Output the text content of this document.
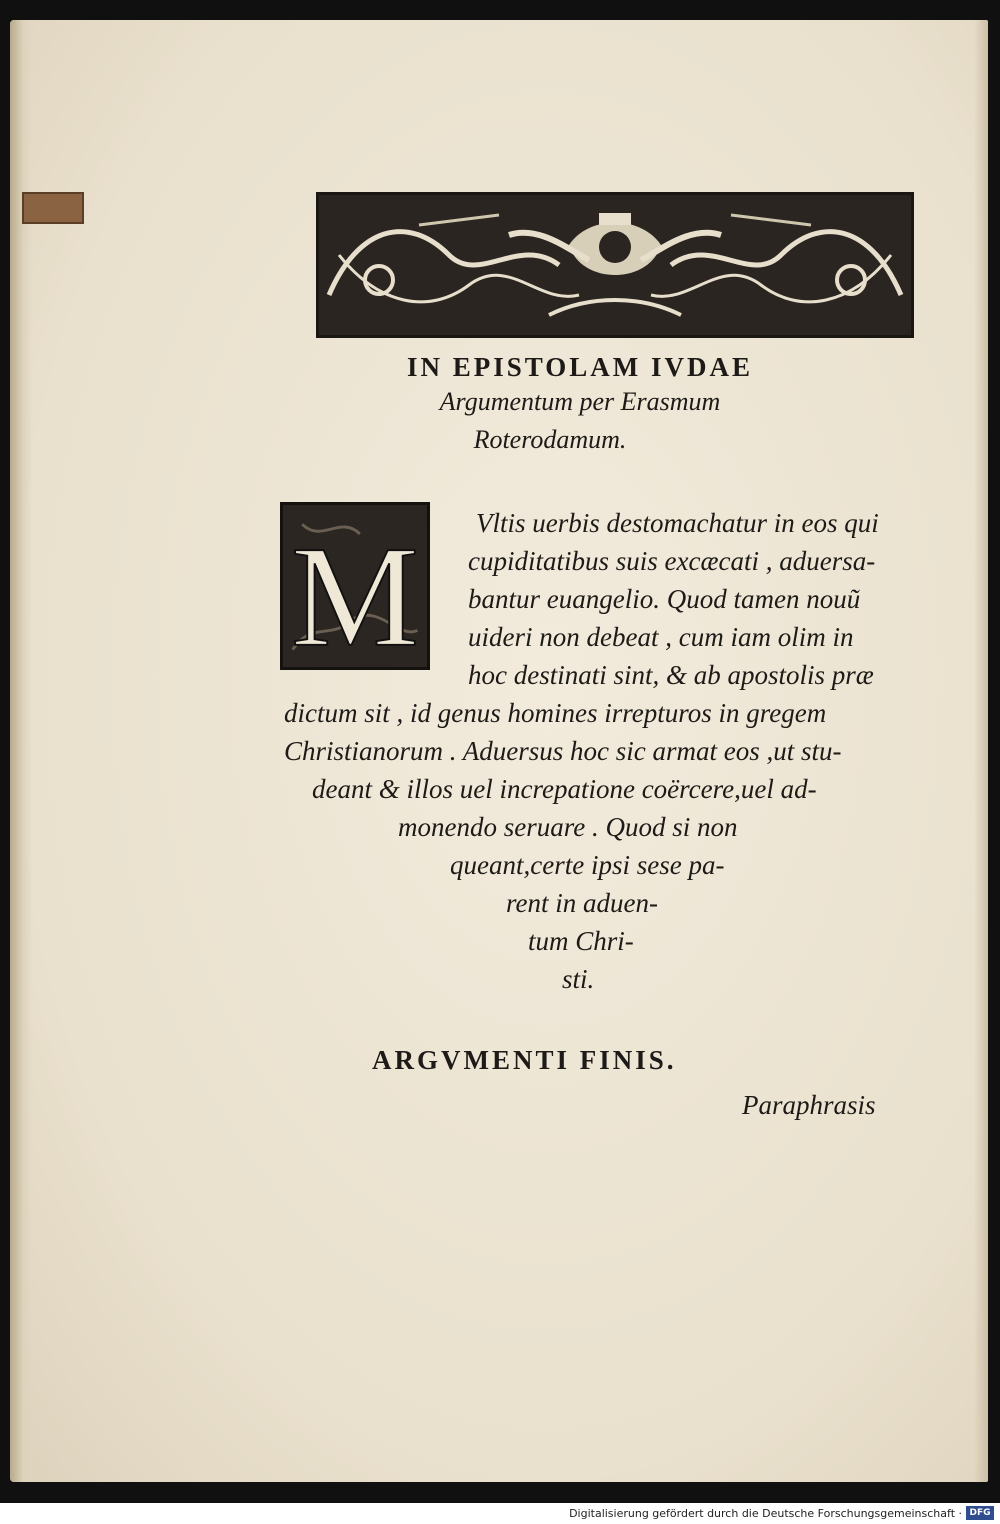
IN EPISTOLAM IVDAE
Argumentum per Erasmum
Roterodamum.
M Vltis uerbis destomachatur in eos qui
cupiditatibus suis excæcati , aduersa-
bantur euangelio. Quod tamen nouũ
uideri non debeat , cum iam olim in
hoc destinati sint, & ab apostolis præ
dictum sit , id genus homines irrepturos in gregem
Christianorum . Aduersus hoc sic armat eos ,ut stu-
deant & illos uel increpatione coërcere,uel ad-
monendo seruare . Quod si non
queant,certe ipsi sese pa-
rent in aduen-
tum Chri-
sti.
ARGVMENTI FINIS.
Paraphrasis
Digitalisierung gefördert durch die Deutsche Forschungsgemeinschaft · DFG
